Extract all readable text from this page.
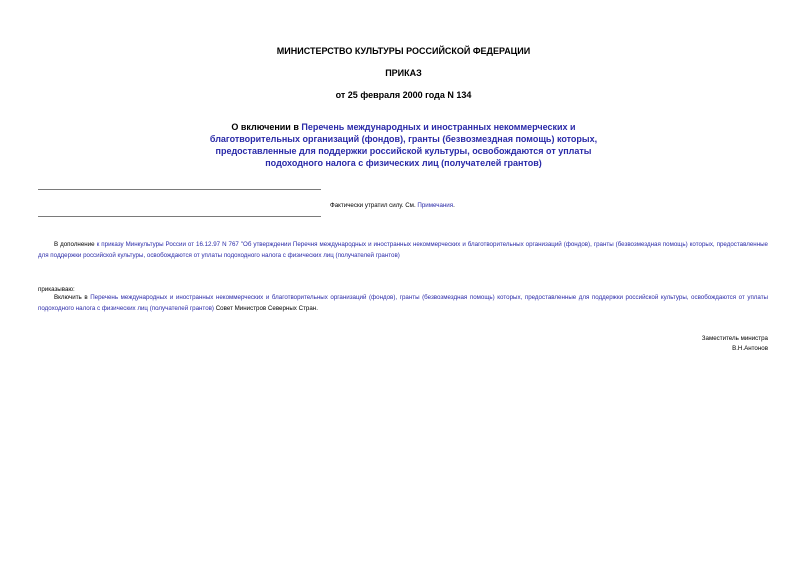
МИНИСТЕРСТВО КУЛЬТУРЫ РОССИЙСКОЙ ФЕДЕРАЦИИ
ПРИКАЗ
от 25 февраля 2000 года N 134
О включении в Перечень международных и иностранных некоммерческих и благотворительных организаций (фондов), гранты (безвозмездная помощь) которых, предоставленные для поддержки российской культуры, освобождаются от уплаты подоходного налога с физических лиц (получателей грантов)
Фактически утратил силу. См. Примечания.
В дополнение к приказу Минкультуры России от 16.12.97 N 767 "Об утверждении Перечня международных и иностранных некоммерческих и благотворительных организаций (фондов), гранты (безвозмездная помощь) которых, предоставленные для поддержки российской культуры, освобождаются от уплаты подоходного налога с физических лиц (получателей грантов)
приказываю:
Включить в Перечень международных и иностранных некоммерческих и благотворительных организаций (фондов), гранты (безвозмездная помощь) которых, предоставленные для поддержки российской культуры, освобождаются от уплаты подоходного налога с физических лиц (получателей грантов) Совет Министров Северных Стран.
Заместитель министра
В.Н.Антонов
